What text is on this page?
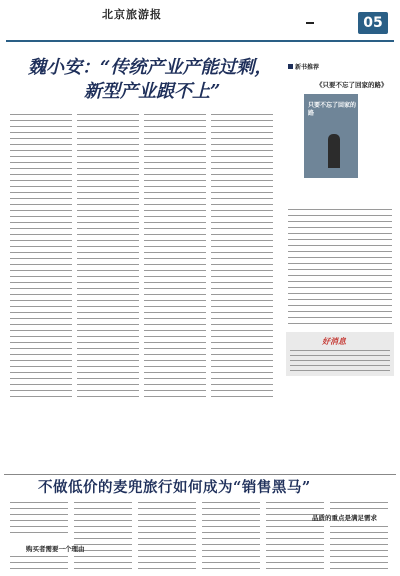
北京旅游报
05
魏小安：“传统产业产能过剩，
新型产业跟不上”
新书推荐
《只要不忘了回家的路》
只要不忘了回家的路
好消息
不做低价的麦兜旅行如何成为“销售黑马”
购买者需要一个理由
品质的重点是满足需求
